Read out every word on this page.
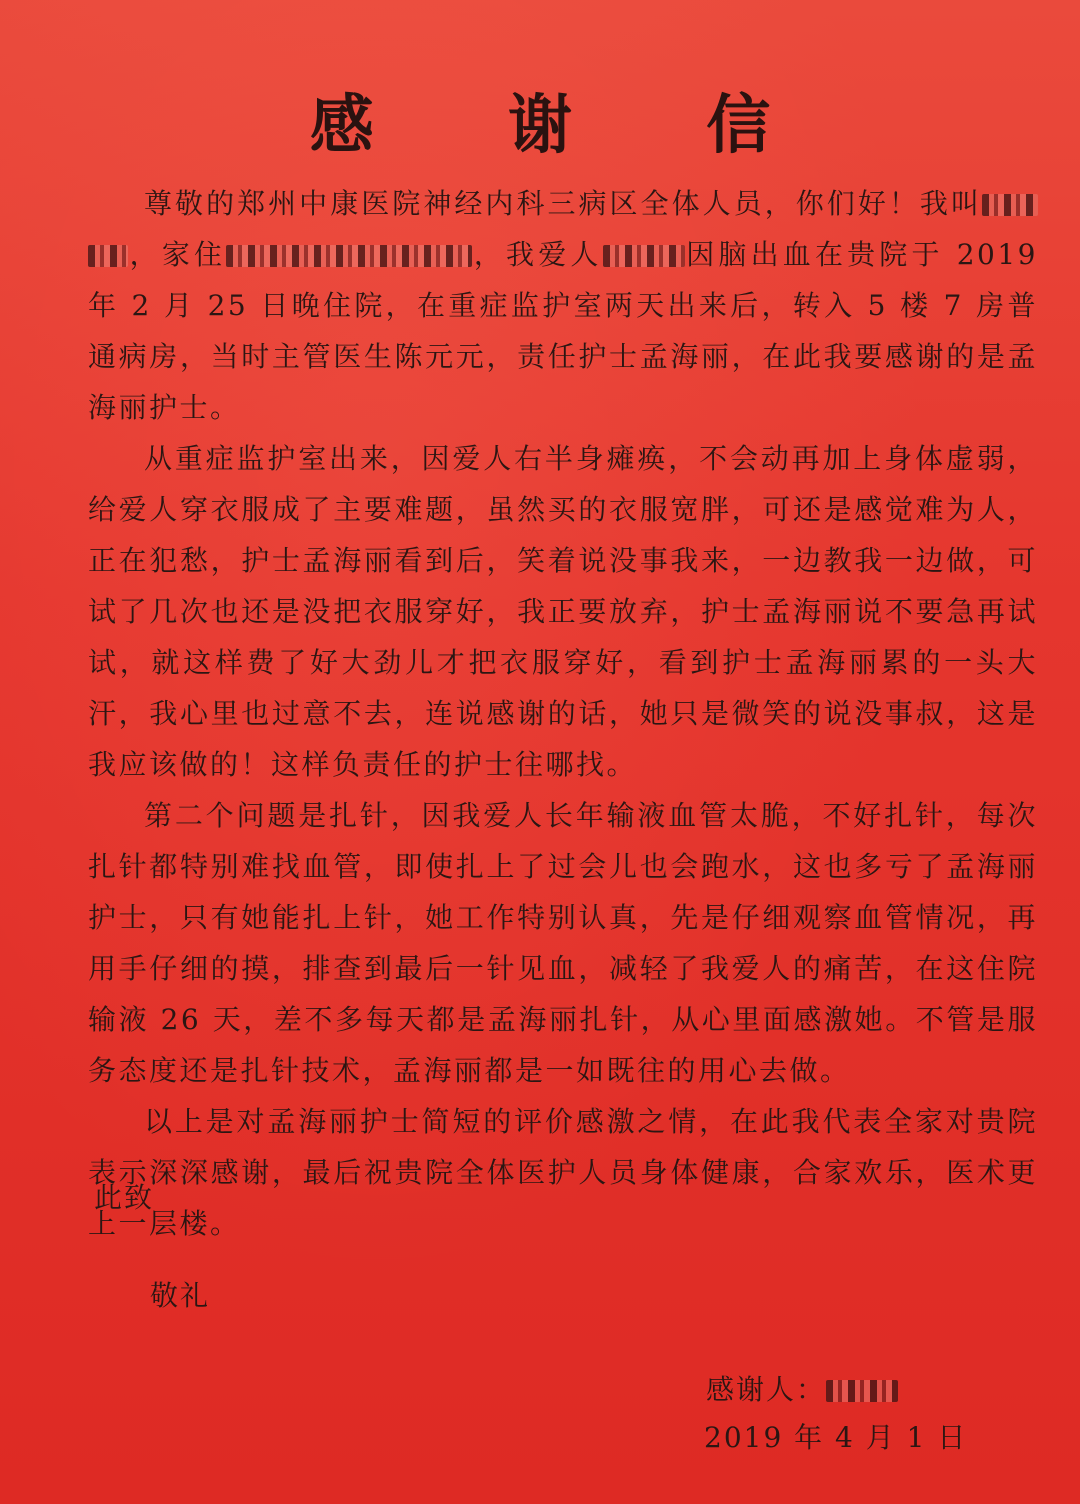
感 谢 信

尊敬的郑州中康医院神经内科三病区全体人员，你们好！我叫，家住	，我爱人	因脑出血在贵院于 2019 年 2 月 25 日晚住院，在重症监护室两天出来后，转入 5 楼 7 房普通病房，当时主管医生陈元元，责任护士孟海丽，在此我要感谢的是孟海丽护士。

从重症监护室出来，因爱人右半身瘫痪，不会动再加上身体虚弱，给爱人穿衣服成了主要难题，虽然买的衣服宽胖，可还是感觉难为人，正在犯愁，护士孟海丽看到后，笑着说没事我来，一边教我一边做，可试了几次也还是没把衣服穿好，我正要放弃，护士孟海丽说不要急再试试，就这样费了好大劲儿才把衣服穿好，看到护士孟海丽累的一头大汗，我心里也过意不去，连说感谢的话，她只是微笑的说没事叔，这是我应该做的！这样负责任的护士往哪找。

第二个问题是扎针，因我爱人长年输液血管太脆，不好扎针，每次扎针都特别难找血管，即使扎上了过会儿也会跑水，这也多亏了孟海丽护士，只有她能扎上针，她工作特别认真，先是仔细观察血管情况，再用手仔细的摸，排查到最后一针见血，减轻了我爱人的痛苦，在这住院输液 26 天，差不多每天都是孟海丽扎针，从心里面感激她。不管是服务态度还是扎针技术，孟海丽都是一如既往的用心去做。

以上是对孟海丽护士简短的评价感激之情，在此我代表全家对贵院表示深深感谢，最后祝贵院全体医护人员身体健康，合家欢乐，医术更上一层楼。

此致
敬礼
感谢人：
2019 年 4 月 1 日
